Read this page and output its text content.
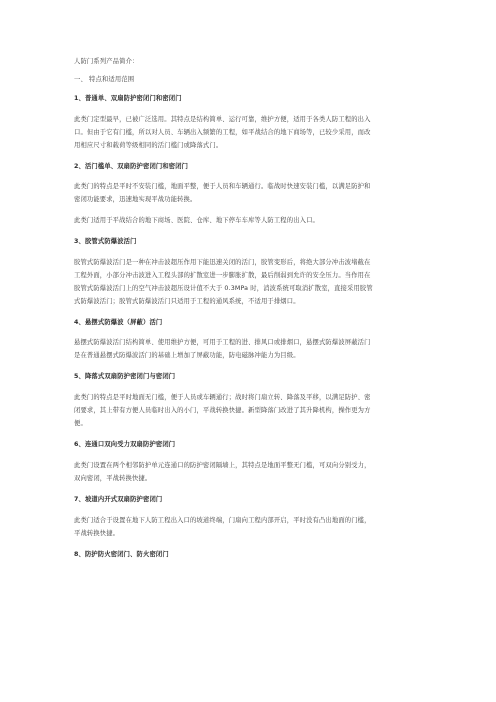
人防门系列产品简介：
一、 特点和适用范围
1、普通单、双扇防护密闭门和密闭门
此类门定型最早，已被广泛选用。其特点是结构简单、运行可靠，维护方便，适用于各类人防工程的出入
口。但由于它有门槛，所以对人员、车辆出入频繁的工程，如平战结合的地下商场等，已较少采用，而改
用相应尺寸和载荷等级相同的活门槛门或降落式门。
2、活门槛单、双扇防护密闭门和密闭门
此类门的特点是平时不安装门槛，地面平整，便于人员和车辆通行。临战时快速安装门槛，以满足防护和
密闭功能要求，迅速地实现平战功能转换。
此类门适用于平战结合的地下商场、医院、仓库、地下停车车库等人防工程的出入口。
3、胶管式防爆波活门
胶管式防爆波活门是一种在冲击波超压作用下能迅速关闭的活门，胶管变形后，将绝大部分冲击波堵截在
工程外面，小部分冲击波进入工程头部的扩散室进一步膨胀扩散，最后削弱到允许的安全压力。当作用在
胶管式防爆波活门上的空气冲击波超压设计值不大于 0.3MPa 时，消波系统可取消扩散室，直接采用胶管
式防爆波活门；胶管式防爆波活门只适用于工程的通风系统，不适用于排烟口。
4、悬摆式防爆波（屏蔽）活门
悬摆式防爆波活门结构简单、使用维护方便，可用于工程的进、排风口或排烟口，悬摆式防爆波屏蔽活门
是在普通悬摆式防爆波活门的基础上增加了屏蔽功能，防电磁脉冲能力为目级。
5、降落式双扇防护密闭门与密闭门
此类门的特点是平时地面无门槛，便于人员或车辆通行；战时将门扇立转、降落及平移，以满足防护、密
闭要求，其上带有方便人员临时出入的小门，平战转换快捷。新型降落门改进了其升降机构，操作更为方
便。
6、连通口双向受力双扇防护密闭门
此类门设置在两个相邻防护单元连通口的防护密闭隔墙上，其特点是地面平整无门槛，可双向分别受力，
双向密闭，平战转换快捷。
7、坡道内开式双扇防护密闭门
此类门适合于设置在地下人防工程出入口的坡道终端，门扇向工程内部开启，平时没有凸出地面的门槛，
平战转换快捷。
8、防护防火密闭门、防火密闭门
